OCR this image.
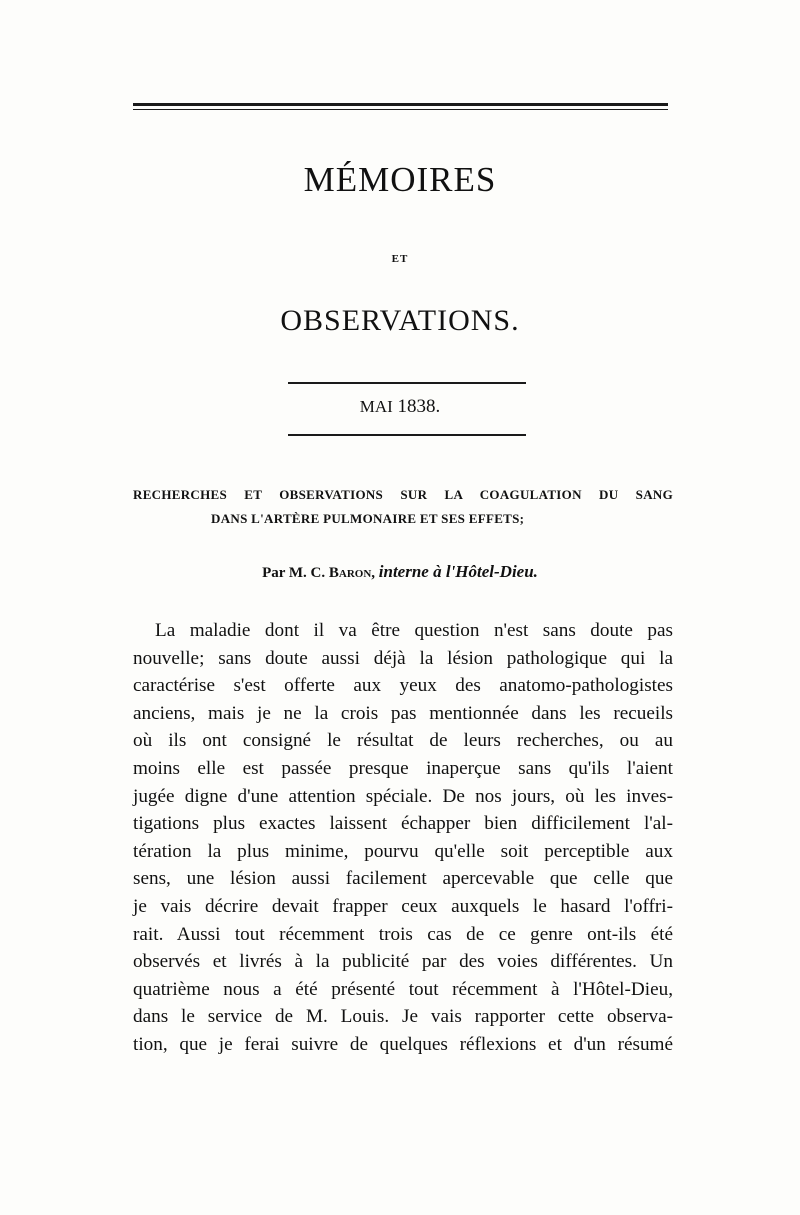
MÉMOIRES
ET
OBSERVATIONS.
MAI 1838.
RECHERCHES ET OBSERVATIONS SUR LA COAGULATION DU SANG
DANS L'ARTÈRE PULMONAIRE ET SES EFFETS;
Par M. C. Baron, interne à l'Hôtel-Dieu.
La maladie dont il va être question n'est sans doute pas
nouvelle; sans doute aussi déjà la lésion pathologique qui la
caractérise s'est offerte aux yeux des anatomo-pathologistes
anciens, mais je ne la crois pas mentionnée dans les recueils
où ils ont consigné le résultat de leurs recherches, ou au
moins elle est passée presque inaperçue sans qu'ils l'aient
jugée digne d'une attention spéciale. De nos jours, où les inves-
tigations plus exactes laissent échapper bien difficilement l'al-
tération la plus minime, pourvu qu'elle soit perceptible aux
sens, une lésion aussi facilement apercevable que celle que
je vais décrire devait frapper ceux auxquels le hasard l'offri-
rait. Aussi tout récemment trois cas de ce genre ont-ils été
observés et livrés à la publicité par des voies différentes. Un
quatrième nous a été présenté tout récemment à l'Hôtel-Dieu,
dans le service de M. Louis. Je vais rapporter cette observa-
tion, que je ferai suivre de quelques réflexions et d'un résumé
